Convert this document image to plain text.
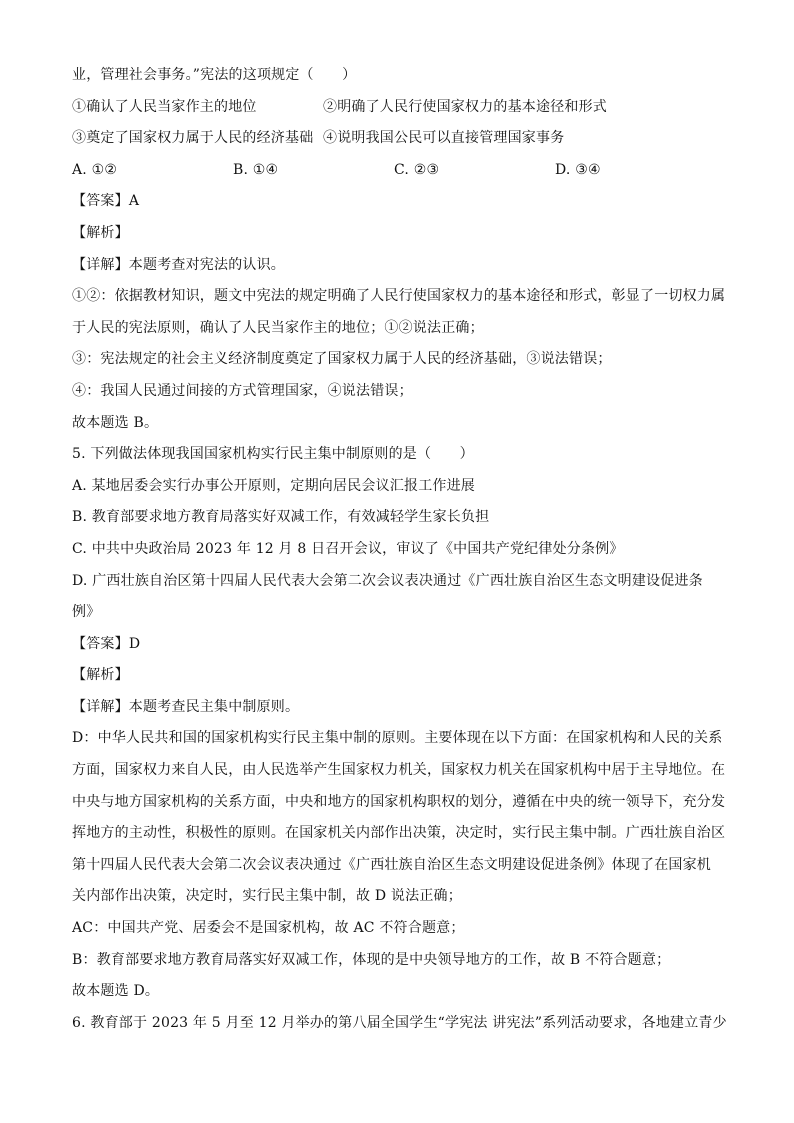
业，管理社会事务。”宪法的这项规定（　　）
①确认了人民当家作主的地位	②明确了人民行使国家权力的基本途径和形式
③奠定了国家权力属于人民的经济基础 ④说明我国公民可以直接管理国家事务
A. ①②	B. ①④	C. ②③	D. ③④
【答案】A
【解析】
【详解】本题考查对宪法的认识。
①②：依据教材知识，题文中宪法的规定明确了人民行使国家权力的基本途径和形式，彰显了一切权力属
于人民的宪法原则，确认了人民当家作主的地位；①②说法正确；
③：宪法规定的社会主义经济制度奠定了国家权力属于人民的经济基础，③说法错误；
④：我国人民通过间接的方式管理国家，④说法错误；
故本题选 B。
5. 下列做法体现我国国家机构实行民主集中制原则的是（　　）
A. 某地居委会实行办事公开原则，定期向居民会议汇报工作进展
B. 教育部要求地方教育局落实好双减工作，有效减轻学生家长负担
C. 中共中央政治局 2023 年 12 月 8 日召开会议，审议了《中国共产党纪律处分条例》
D. 广西壮族自治区第十四届人民代表大会第二次会议表决通过《广西壮族自治区生态文明建设促进条
例》
【答案】D
【解析】
【详解】本题考查民主集中制原则。
D：中华人民共和国的国家机构实行民主集中制的原则。主要体现在以下方面：在国家机构和人民的关系
方面，国家权力来自人民，由人民选举产生国家权力机关，国家权力机关在国家机构中居于主导地位。在
中央与地方国家机构的关系方面，中央和地方的国家机构职权的划分，遵循在中央的统一领导下，充分发
挥地方的主动性，积极性的原则。在国家机关内部作出决策，决定时，实行民主集中制。广西壮族自治区
第十四届人民代表大会第二次会议表决通过《广西壮族自治区生态文明建设促进条例》体现了在国家机
关内部作出决策，决定时，实行民主集中制，故 D 说法正确；
AC：中国共产党、居委会不是国家机构，故 AC 不符合题意；
B：教育部要求地方教育局落实好双减工作，体现的是中央领导地方的工作，故 B 不符合题意；
故本题选 D。
6. 教育部于 2023 年 5 月至 12 月举办的第八届全国学生“学宪法 讲宪法”系列活动要求，各地建立青少
